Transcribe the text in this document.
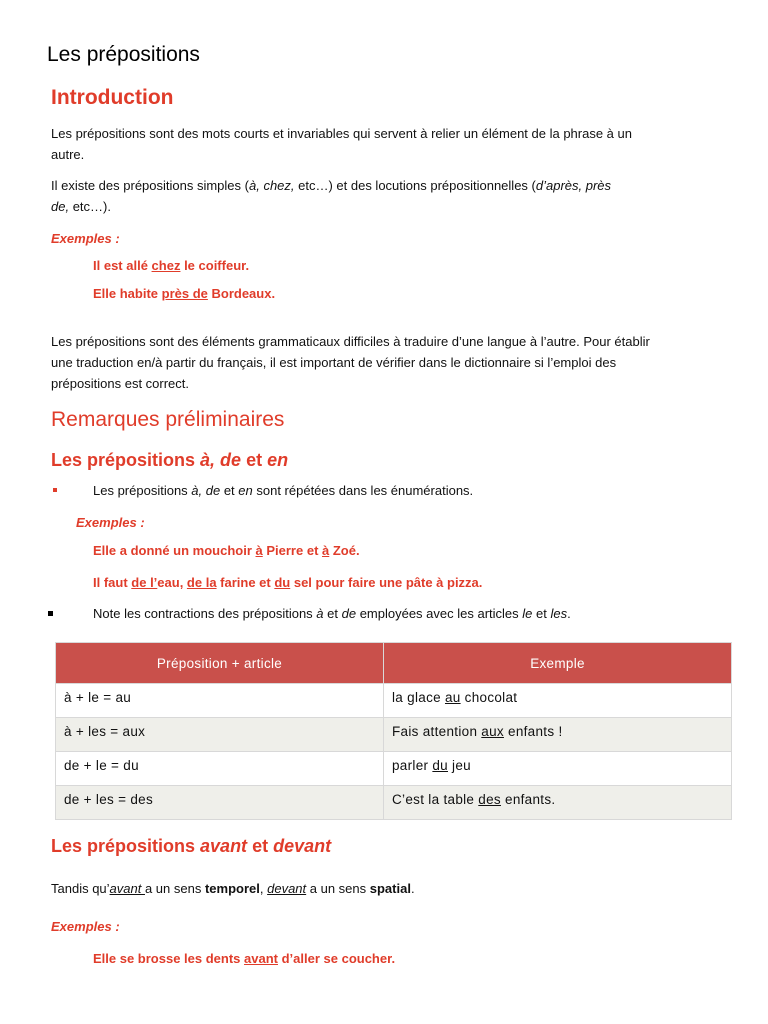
Les prépositions
Introduction
Les prépositions sont des mots courts et invariables qui servent à relier un élément de la phrase à un
autre.
Il existe des prépositions simples (à, chez, etc…) et des locutions prépositionnelles (d’après, près
de, etc…).
Exemples :
Il est allé chez le coiffeur.
Elle habite près de Bordeaux.
Les prépositions sont des éléments grammaticaux difficiles à traduire d’une langue à l’autre. Pour établir
une traduction en/à partir du français, il est important de vérifier dans le dictionnaire si l’emploi des
prépositions est correct.
Remarques préliminaires
Les prépositions à, de et en
Les prépositions à, de et en sont répétées dans les énumérations.
Exemples :
Elle a donné un mouchoir à Pierre et à Zoé.
Il faut de l’eau, de la farine et du sel pour faire une pâte à pizza.
Note les contractions des prépositions à et de employées avec les articles le et les.
Préposition + article	Exemple
à + le = au	la glace au chocolat
à + les = aux	Fais attention aux enfants !
de + le = du	parler du jeu
de + les = des	C’est la table des enfants.
Les prépositions avant et devant
Tandis qu’avant a un sens temporel, devant a un sens spatial.
Exemples :
Elle se brosse les dents avant d’aller se coucher.
